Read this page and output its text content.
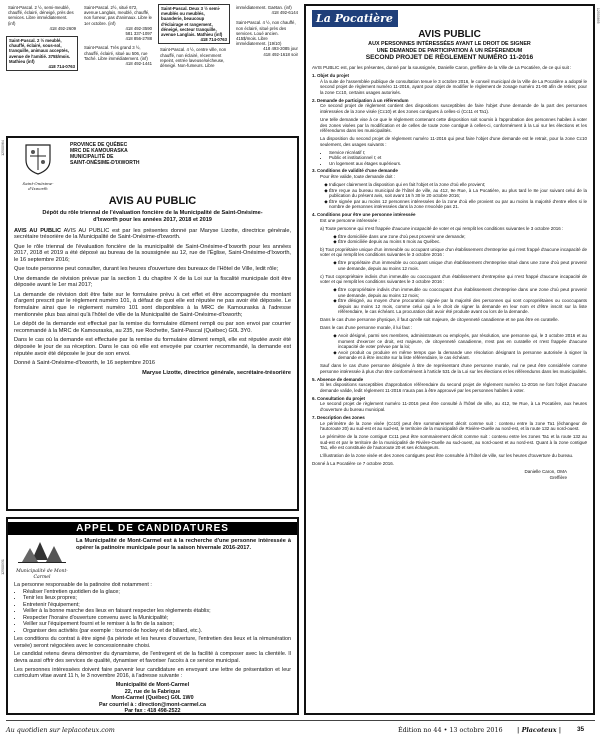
Saint-Pascal. 2 ½, semi-meublé, chauffé, éclairé, déneigé, près des services. Libre immédiatement. (inf)
418 492-2609
Saint-Pascal. 2 ½ meublé, chauffé, éclairé, sous-sol, tranquille, animaux acceptés, avenue de l'amitié. 375$/mois. Mathieu (inf)
418 714-0763
Saint-Pascal. 2½, situé 672, avenue Langlais, meublé, chauffé, non fumeur, pas d'animaux. Libre le 1er octobre. (inf)
418 492-3590
581 337-1097
418 856-2788
Saint-Pascal. Très grand 3 ½, chauffé, éclairé, situé au 506, rue Taché. Libre immédiatement. (inf)
418 492-1441
Saint-Pascal. Deux 3 ½ semi-meublés ou meublés, buanderie, beaucoup d'éclairage et rangement, déneigé, secteur tranquille, avenue Langlais. Mathieu (inf)
418 714-0763
Saint-Pascal. 4 ½, centre ville, non chauffé, non éclairé, récemment repeint, entrée laveuse/sécheuse, déneigé. Non-fumeurs. Libre
immédiatement. Gaëtan. (inf)
418 492-6144
Saint-Pascal. 4 ½, non chauffé, non éclairé, situé près des services. Loué ancien. 415$/mois. Libre immédiatement. (19/10)
418 493-2085 jour
418 492-1618 soir
12500964
Saint-Onésime-d'Ixworth
PROVINCE DE QUÉBEC
MRC DE KAMOURASKA
MUNICIPALITÉ DE
SAINT-ONÉSIME-D'IXWORTH
AVIS AU PUBLIC
Dépôt du rôle triennal de l'évaluation foncière de la Municipalité de Saint-Onésime-d'Ixworth pour les années 2017, 2018 et 2019

AVIS AU PUBLIC AVIS AU PUBLIC est par les présentes donné par Maryse Lizotte, directrice générale, secrétaire trésorière de la Municipalité de Saint-Onésime-d'Ixworth.

Que le rôle triennal de l'évaluation foncière de la municipalité de Saint-Onésime-d'Ixworth pour les années 2017, 2018 et 2019 a été déposé au bureau de la soussignée au 12, rue de l'Église, Saint-Onésime-d'Ixworth, le 16 septembre 2016;

Que toute personne peut consulter, durant les heures d'ouverture des bureaux de l'Hôtel de Ville, ledit rôle;

Une demande de révision prévue par la section 1 du chapitre X de la Loi sur la fiscalité municipale doit être déposée avant le 1er mai 2017;

La demande de révision doit être faite sur le formulaire prévu à cet effet et être accompagnée du montant d'argent prescrit par le règlement numéro 101, à défaut de quoi elle est réputée ne pas avoir été déposée. Le formulaire ainsi que le règlement numéro 101 sont disponibles à la MRC de Kamouraska à l'adresse mentionnée plus bas ainsi qu'à l'hôtel de ville de la Municipalité de Saint-Onésime-d'Ixworth;

Le dépôt de la demande est effectué par la remise du formulaire dûment rempli ou par son envoi par courrier recommandé à la MRC de Kamouraska, au 235, rue Rochette, Saint-Pascal (Québec) G0L 3Y0.

Dans le cas où la demande est effectuée par la remise du formulaire dûment rempli, elle est réputée avoir été déposée le jour de sa réception. Dans le cas où elle est envoyée par courrier recommandé, la demande est réputée avoir été déposée le jour de son envoi.

Donné à Saint-Onésime-d'Ixworth, le 16 septembre 2016

Maryse Lizotte, directrice générale, secrétaire-trésorière
12500931
APPEL DE CANDIDATURES
Municipalité de Mont-Carmel
La Municipalité de Mont-Carmel est à la recherche d'une personne intéressée à opérer la patinoire municipale pour la saison hivernale 2016-2017.
La personne responsable de la patinoire doit notamment :
• Réaliser l'entretien quotidien de la glace;
• Tenir les lieux propres;
• Entretenir l'équipement;
• Veiller à la bonne marche des lieux en faisant respecter les règlements établis;
• Respecter l'horaire d'ouverture convenu avec la Municipalité;
• Veiller sur l'équipement fourni et le remiser à la fin de la saison;
• Organiser des activités (par exemple : tournoi de hockey et de billard, etc.).

Les conditions du contrat à être signé (la période et les heures d'ouverture, l'entretien des lieux et la rémunération versée) seront négociées avec le concessionnaire choisi.

Le candidat retenu devra démontrer du dynamisme, de l'entregent et de la facilité à composer avec la clientèle. Il devra aussi offrir des services de qualité, dynamiser et favoriser l'accès à ce service municipal.

Les personnes intéressées doivent faire parvenir leur candidature en envoyant une lettre de présentation et leur curriculum vitae avant 11 h, le 3 novembre 2016, à l'adresse suivante :

Municipalité de Mont-Carmel
22, rue de la Fabrique
Mont-Carmel (Québec) G0L 1W0
Par courriel à : direction@mont-carmel.ca
Par fax : 418 498-2522
12500895
La Pocatière
AVIS PUBLIC
AUX PERSONNES INTÉRESSÉES AYANT LE DROIT DE SIGNER
UNE DEMANDE DE PARTICIPATION À UN RÉFÉRENDUM
SECOND PROJET DE RÈGLEMENT NUMÉRO 11-2016

AVIS PUBLIC est, par les présentes, donné par la soussignée, Danielle Caron, greffière de la Ville de La Pocatière, de ce qui suit :

1. Objet du projet

À la suite de l'assemblée publique de consultation tenue le 3 octobre 2016, le conseil municipal de la Ville de La Pocatière a adopté le second projet de règlement numéro 11-2016, ayant pour objet de modifier le règlement de zonage numéro 21-90 afin de retirer, pour la zone Cc10, certains usages autorisés.

2. Demande de participation à un référendum

Ce second projet de règlement contient des dispositions susceptibles de faire l'objet d'une demande de la part des personnes intéressées de la zone visée (Cc10) et des zones contiguës à celles-ci (Cc11 et Ta1).

Une telle demande vise à ce que le règlement contenant cette disposition soit soumis à l'approbation des personnes habiles à voter des zones visées par la modification et de celles de toute zone contiguë à celles-ci, conformément à la Loi sur les élections et les référendums dans les municipalités.

La disposition du second projet de règlement numéro 11-2016 qui peut faire l'objet d'une demande est le retrait, pour la zone Cc10 seulement, des usages suivants :

• Service récréatif I;
• Public et institutionnel I; et
• Un logement aux étages supérieurs.
3. Conditions de validité d'une demande

Pour être valide, toute demande doit :

◆ Indiquer clairement la disposition qui en fait l'objet et la zone d'où elle provient;
◆ Être reçue au bureau municipal de l'hôtel de ville, au 412, 9e Rue, à La Pocatière, au plus tard le 8e jour suivant celui de la publication du présent avis, soit avant 16 h 30 le 20 octobre 2016;
◆ Être signée par au moins 12 personnes intéressées de la zone d'où elle provient ou par au moins la majorité d'entre elles si le nombre de personnes intéressées dans la zone n'excède pas 21.
4. Conditions pour être une personne intéressée

Est une personne intéressée :

a) Toute personne qui n'est frappée d'aucune incapacité de voter et qui remplit les conditions suivantes le 3 octobre 2016 :

◆ Être domiciliée dans une zone d'où peut provenir une demande;
◆ Être domiciliée depuis au moins 6 mois au Québec.

b) Tout propriétaire unique d'un immeuble ou occupant unique d'un établissement d'entreprise qui n'est frappé d'aucune incapacité de voter et qui remplit les conditions suivantes le 3 octobre 2016 :

◆ Être propriétaire d'un immeuble ou occupant unique d'un établissement d'entreprise situé dans une zone d'où peut provenir une demande, depuis au moins 12 mois.

c) Tout copropriétaire indivis d'un immeuble ou cooccupant d'un établissement d'entreprise qui n'est frappé d'aucune incapacité de voter et qui remplit les conditions suivantes le 3 octobre 2016 :

◆ Être copropriétaire indivis d'un immeuble ou cooccupant d'un établissement d'entreprise dans une zone d'où peut provenir une demande, depuis au moins 12 mois;
◆ Être désigné, au moyen d'une procuration signée par la majorité des personnes qui sont copropriétaires ou cooccupants depuis au moins 12 mois, comme celui qui a le droit de signer la demande en leur nom et d'être inscrit sur la liste référendaire, le cas échéant. La procuration doit avoir été produite avant ou lors de la demande.

Dans le cas d'une personne physique, il faut qu'elle soit majeure, de citoyenneté canadienne et ne pas être en curatelle.

Dans le cas d'une personne morale, il lui faut :

◆ Avoir désigné, parmi ses membres, administrateurs ou employés, par résolution, une personne qui, le 3 octobre 2016 et au moment d'exercer ce droit, est majeure, de citoyenneté canadienne, n'est pas en curatelle et n'est frappée d'aucune incapacité de voter prévue par la loi;
◆ Avoir produit ou produire en même temps que la demande une résolution désignant la personne autorisée à signer la demande et à être inscrite sur la liste référendaire, le cas échéant.

Sauf dans le cas d'une personne désignée à titre de représentant d'une personne morale, nul ne peut être considérée comme personne intéressée à plus d'un titre conformément à l'article 531 de la Loi sur les élections et les référendums dans les municipalités.

5. Absence de demande

Si les dispositions susceptibles d'approbation référendaire du second projet de règlement numéro 11-2016 ne font l'objet d'aucune demande valide, ledit règlement 11-2016 n'aura pas à être approuvé par les personnes habiles à voter.

6. Consultation du projet

Le second projet de règlement numéro 11-2016 peut être consulté à l'hôtel de ville, au 412, 9e Rue, à La Pocatière, aux heures d'ouverture du bureau municipal.

7. Description des zones

Le périmètre de la zone visée (Cc10) peut être sommairement décrit comme suit : contenu entre la zone Ta1 (échangeur de l'autoroute 20) au sud-est et au sud-est, le territoire de la municipalité de Rivière-Ouelle au nord-est, et la route 132 au nord-ouest.

Le périmètre de la zone contiguë Cc11 peut être sommairement décrit comme suit : contenu entre les zones Ta1 et la route 132 au sud-est et par le territoire de la municipalité de Rivière-Ouelle au sud-ouest, au nord-ouest et au nord-est. Quant à la zone contiguë Ta1, elle est constituée de l'autoroute 20 et ses échangeurs.

L'illustration de la zone visée et des zones contiguës peut être consultée à l'hôtel de ville, sur les heures d'ouverture du bureau.

Donné à La Pocatière ce 7 octobre 2016.

Danielle Caron, OMA
Greffière
Au quotidien sur leplacoteux.com	Édition no 44 • 13 octobre 2016 | Placoteux | 35
